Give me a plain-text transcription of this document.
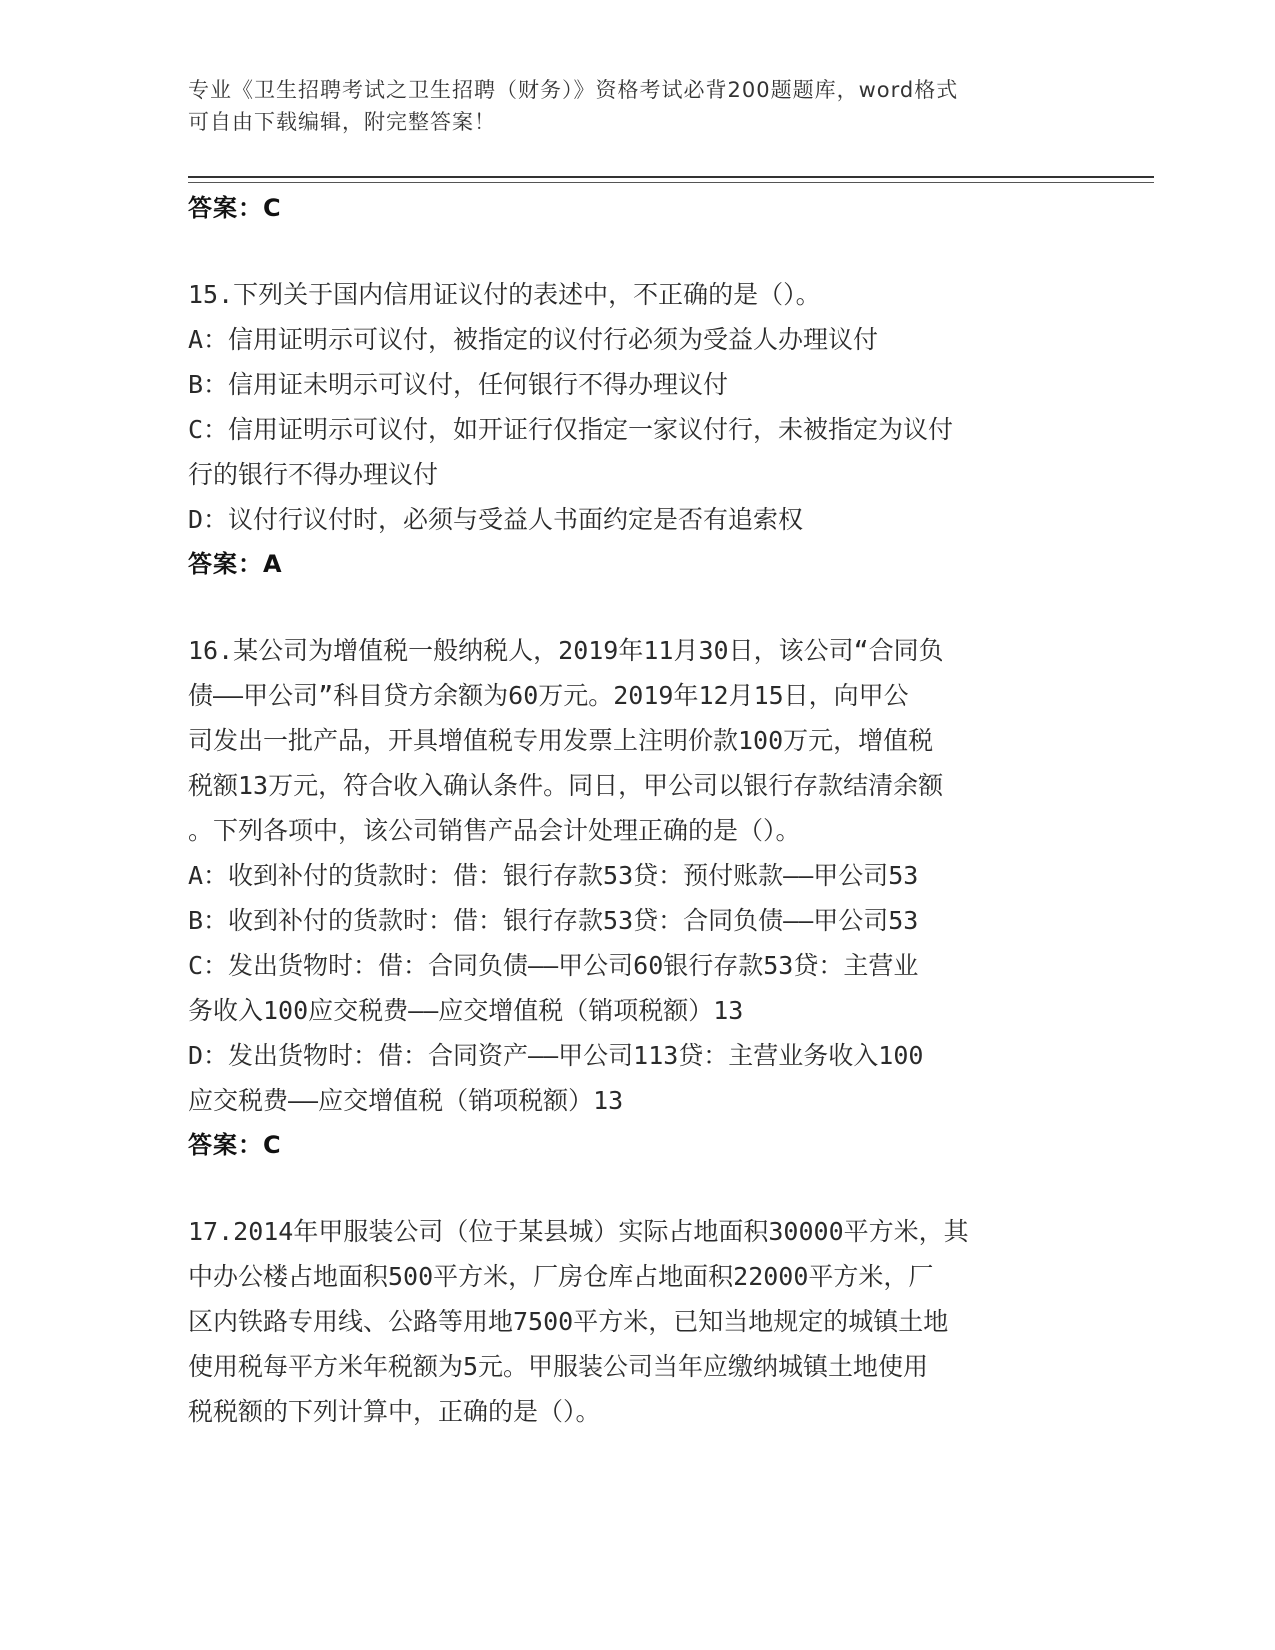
专业《卫生招聘考试之卫生招聘（财务）》资格考试必背200题题库，word格式
可自由下载编辑，附完整答案！
答案：C
15.下列关于国内信用证议付的表述中，不正确的是（）。
A：信用证明示可议付，被指定的议付行必须为受益人办理议付
B：信用证未明示可议付，任何银行不得办理议付
C：信用证明示可议付，如开证行仅指定一家议付行，未被指定为议付
行的银行不得办理议付
D：议付行议付时，必须与受益人书面约定是否有追索权
答案：A
16.某公司为增值税一般纳税人，2019年11月30日，该公司“合同负
债——甲公司”科目贷方余额为60万元。2019年12月15日，向甲公
司发出一批产品，开具增值税专用发票上注明价款100万元，增值税
税额13万元，符合收入确认条件。同日，甲公司以银行存款结清余额
。下列各项中，该公司销售产品会计处理正确的是（）。
A：收到补付的货款时：借：银行存款53贷：预付账款——甲公司53
B：收到补付的货款时：借：银行存款53贷：合同负债——甲公司53
C：发出货物时：借：合同负债——甲公司60银行存款53贷：主营业
务收入100应交税费——应交增值税（销项税额）13
D：发出货物时：借：合同资产——甲公司113贷：主营业务收入100
应交税费——应交增值税（销项税额）13
答案：C
17.2014年甲服装公司（位于某县城）实际占地面积30000平方米，其
中办公楼占地面积500平方米，厂房仓库占地面积22000平方米，厂
区内铁路专用线、公路等用地7500平方米，已知当地规定的城镇土地
使用税每平方米年税额为5元。甲服装公司当年应缴纳城镇土地使用
税税额的下列计算中，正确的是（）。
